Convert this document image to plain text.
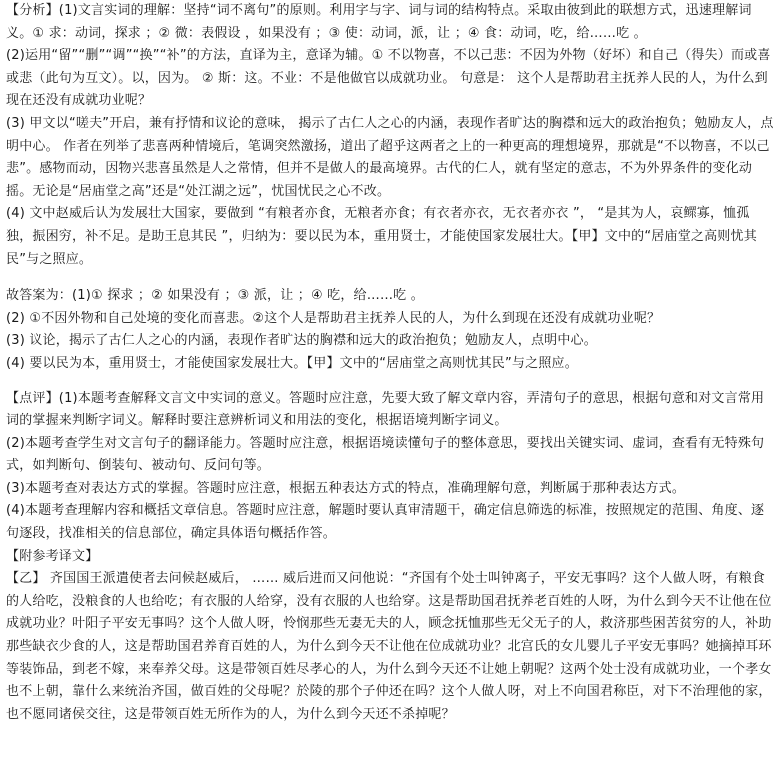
【分析】(1)文言实词的理解：坚持“词不离句”的原则。利用字与字、词与词的结构特点。采取由彼到此的联想方式，迅速理解词义。① 求：动词，探求 ；② 微：表假设 ，如果没有 ；③ 使：动词，派，让 ；④ 食：动词，吃，给……吃 。

(2)运用“留”“删”“调”“换”“补”的方法，直译为主，意译为辅。① 不以物喜，不以己悲：不因为外物（好坏）和自己（得失）而或喜或悲（此句为互文）。以，因为。 ② 斯：这。不业：不是他做官以成就功业。 句意是： 这个人是帮助君主抚养人民的人，为什么到现在还没有成就功业呢？

(3) 甲文以“嗟夫”开启，兼有抒情和议论的意味， 揭示了古仁人之心的内涵，表现作者旷达的胸襟和远大的政治抱负；勉励友人，点明中心。 作者在列举了悲喜两种情境后，笔调突然激扬，道出了超乎这两者之上的一种更高的理想境界，那就是“不以物喜，不以己悲”。感物而动，因物兴悲喜虽然是人之常情，但并不是做人的最高境界。古代的仁人，就有坚定的意志，不为外界条件的变化动摇。无论是“居庙堂之高”还是“处江湖之远”，忧国忧民之心不改。

(4) 文中赵威后认为发展壮大国家，要做到 “有粮者亦食，无粮者亦食；有衣者亦衣，无衣者亦衣 ”， “是其为人，哀鳏寡，恤孤独，振困穷，补不足。是助王息其民 ”，归纳为：要以民为本，重用贤士，才能使国家发展壮大。【甲】文中的“居庙堂之高则忧其民”与之照应。

故答案为：(1)① 探求 ；② 如果没有 ；③ 派，让 ；④ 吃，给……吃 。

(2) ①不因外物和自己处境的变化而喜悲。②这个人是帮助君主抚养人民的人，为什么到现在还没有成就功业呢？

(3) 议论，揭示了古仁人之心的内涵，表现作者旷达的胸襟和远大的政治抱负；勉励友人，点明中心。

(4) 要以民为本，重用贤士，才能使国家发展壮大。【甲】文中的“居庙堂之高则忧其民”与之照应。

【点评】(1)本题考查解释文言文中实词的意义。答题时应注意，先要大致了解文章内容，弄清句子的意思，根据句意和对文言常用词的掌握来判断字词义。解释时要注意辨析词义和用法的变化，根据语境判断字词义。

(2)本题考查学生对文言句子的翻译能力。答题时应注意，根据语境读懂句子的整体意思，要找出关键实词、虚词，查看有无特殊句式，如判断句、倒装句、被动句、反问句等。

(3)本题考查对表达方式的掌握。答题时应注意，根据五种表达方式的特点，准确理解句意，判断属于那种表达方式。

(4)本题考查理解内容和概括文章信息。答题时应注意，解题时要认真审清题干，确定信息筛选的标准，按照规定的范围、角度、逐句逐段，找准相关的信息部位，确定具体语句概括作答。

【附参考译文】

【乙】 齐国国王派遣使者去问候赵威后， …… 威后进而又问他说：“齐国有个处士叫钟离子，平安无事吗？这个人做人呀，有粮食的人给吃，没粮食的人也给吃；有衣服的人给穿，没有衣服的人也给穿。这是帮助国君抚养老百姓的人呀，为什么到今天不让他在位成就功业？叶阳子平安无事吗？这个人做人呀，怜悯那些无妻无夫的人，顾念抚恤那些无父无子的人，救济那些困苦贫穷的人，补助那些缺衣少食的人，这是帮助国君养育百姓的人，为什么到今天不让他在位成就功业？北宫氏的女儿婴儿子平安无事吗？她摘掉耳环等装饰品，到老不嫁，来奉养父母。这是带领百姓尽孝心的人，为什么到今天还不让她上朝呢？这两个处士没有成就功业，一个孝女也不上朝，靠什么来统治齐国，做百姓的父母呢？於陵的那个子仲还在吗？这个人做人呀，对上不向国君称臣，对下不治理他的家，也不愿同诸侯交往，这是带领百姓无所作为的人，为什么到今天还不杀掉呢？
